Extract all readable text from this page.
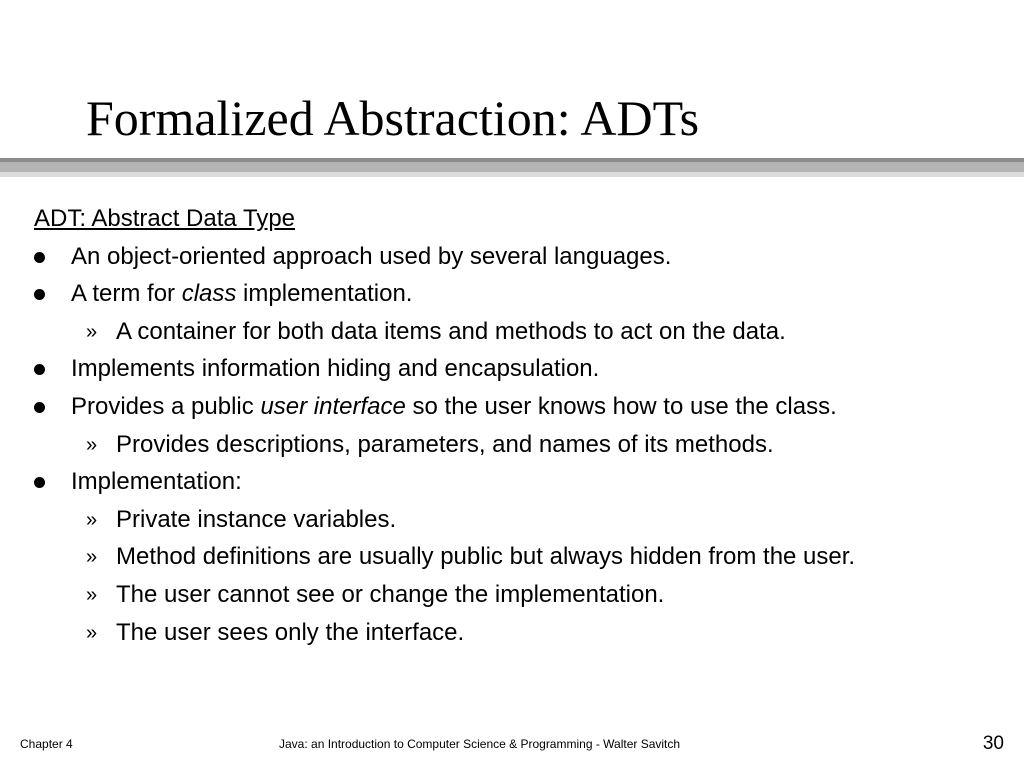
Formalized Abstraction: ADTs
ADT: Abstract Data Type
An object-oriented approach used by several languages.
A term for class implementation.
» A container for both data items and methods to act on the data.
Implements information hiding and encapsulation.
Provides a public user interface so the user knows how to use the class.
» Provides descriptions, parameters, and names of its methods.
Implementation:
» Private instance variables.
» Method definitions are usually public but always hidden from the user.
» The user cannot see or change the implementation.
» The user sees only the interface.
Chapter 4	Java: an Introduction to Computer Science & Programming - Walter Savitch	30
